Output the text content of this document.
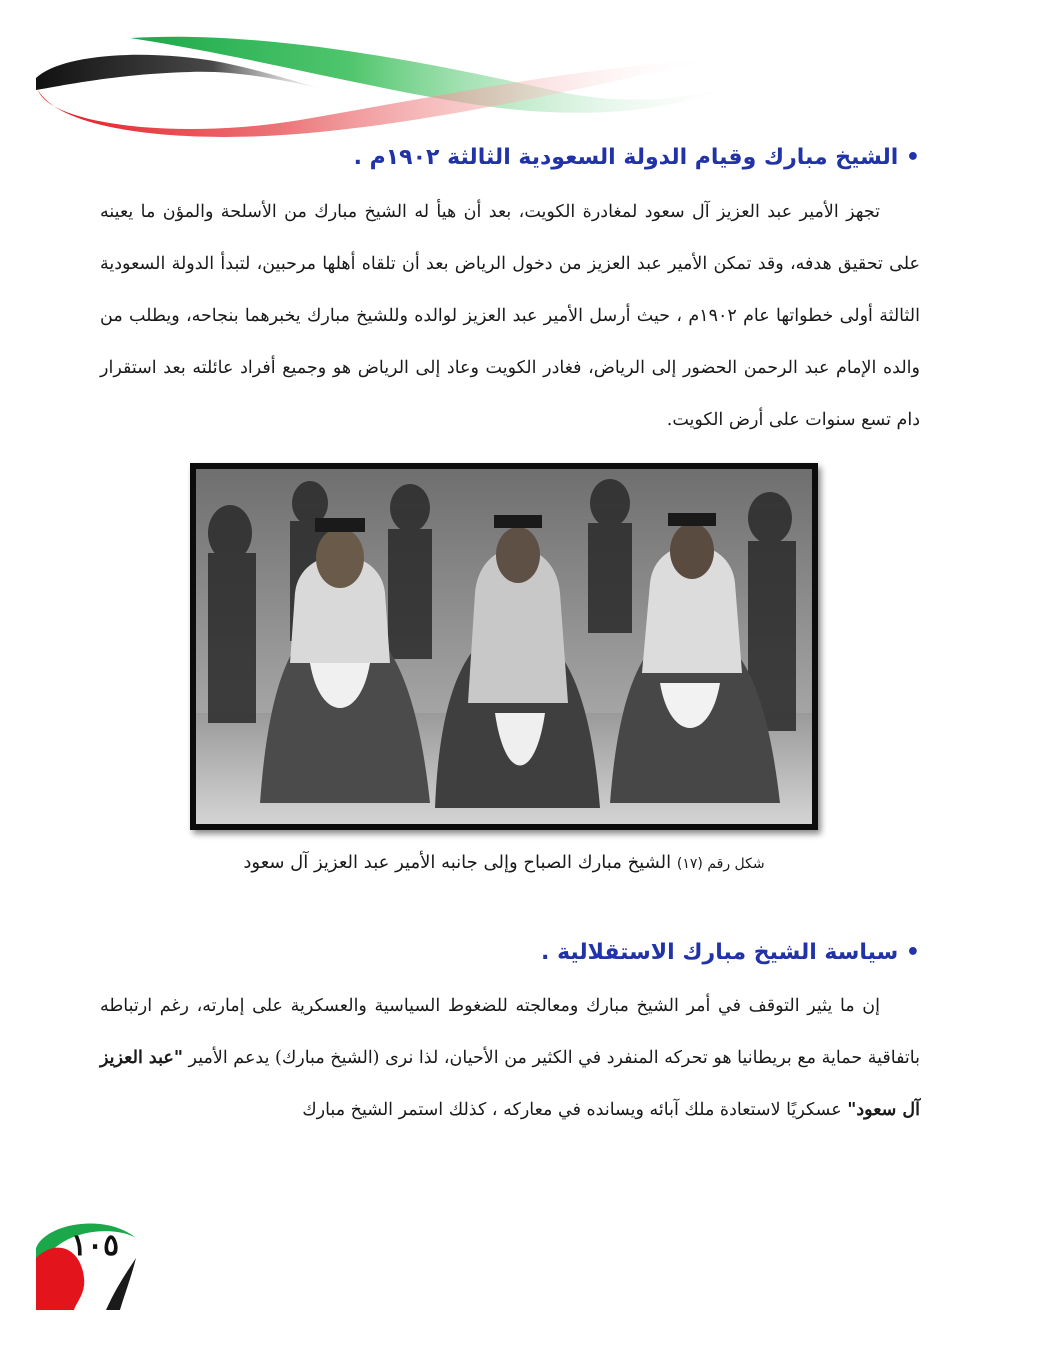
• الشيخ مبارك وقيام الدولة السعودية الثالثة ١٩٠٢م .

تجهز الأمير عبد العزيز آل سعود لمغادرة الكويت، بعد أن هيأ له الشيخ مبارك من الأسلحة والمؤن ما يعينه على تحقيق هدفه، وقد تمكن الأمير عبد العزيز من دخول الرياض بعد أن تلقاه أهلها مرحبين، لتبدأ الدولة السعودية الثالثة أولى خطواتها عام ١٩٠٢م ، حيث أرسل الأمير عبد العزيز لوالده وللشيخ مبارك يخبرهما بنجاحه، ويطلب من والده الإمام عبد الرحمن الحضور إلى الرياض، فغادر الكويت وعاد إلى الرياض هو وجميع أفراد عائلته بعد استقرار دام تسع سنوات على أرض الكويت.

• سياسة الشيخ مبارك الاستقلالية .

إن ما يثير التوقف في أمر الشيخ مبارك ومعالجته للضغوط السياسية والعسكرية على إمارته، رغم ارتباطه باتفاقية حماية مع بريطانيا هو تحركه المنفرد في الكثير من الأحيان، لذا نرى (الشيخ مبارك) يدعم الأمير "عبد العزيز آل سعود" عسكريًا لاستعادة ملك آبائه ويسانده في معاركه ، كذلك استمر الشيخ مبارك

شكل رقم (١٧) الشيخ مبارك الصباح وإلى جانبه الأمير عبد العزيز آل سعود
١٠٥
